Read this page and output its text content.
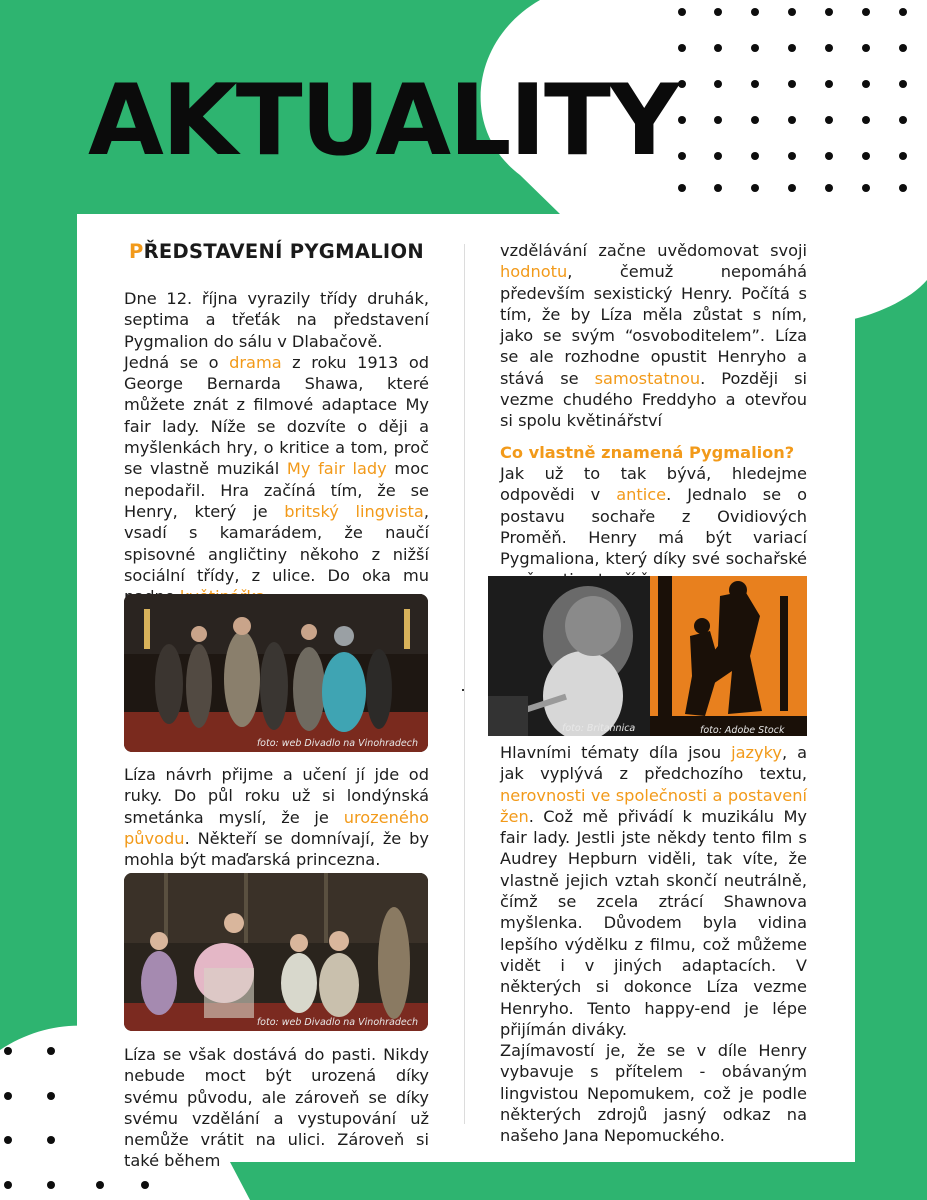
AKTUALITY
PŘEDSTAVENÍ PYGMALION

Dne 12. října vyrazily třídy druhák, septima a třeťák na představení Pygmalion do sálu v Dlabačově.

Jedná se o drama z roku 1913 od George Bernarda Shawa, které můžete znát z filmové adaptace My fair lady. Níže se dozvíte o ději a myšlenkách hry, o kritice a tom, proč se vlastně muzikál My fair lady moc nepodařil. Hra začíná tím, že se Henry, který je britský lingvista, vsadí s kamarádem, že naučí spisovné angličtiny někoho z nižší sociální třídy, z ulice. Do oka mu

foto: web Divadlo na Vinohradech

Líza návrh přijme a učení jí jde od ruky. Do půl roku už si londýnská smetánka myslí, že je urozeného původu. Někteří se domnívají, že by mohla být maďarská princezna.

foto: web Divadlo na Vinohradech

Líza se však dostává do pasti. Nikdy nebude moct být urozená díky svému původu, ale zároveň se díky svému vzdělání a vystupování už nemůže vrátit na ulici. Zároveň si také během

vzdělávání začne uvědomovat svoji hodnotu, čemuž nepomáhá především sexistický Henry. Počítá s tím, že by Líza měla zůstat s ním, jako se svým “osvoboditelem”. Líza se ale rozhodne opustit Henryho a stává se samostatnou. Později si vezme chudého Freddyho a otevřou si spolu květinářství

Co vlastně znamená Pygmalion?

Jak už to tak bývá, hledejme odpovědi v antice. Jednalo se o postavu sochaře z Ovidiových Proměň. Henry má být variací Pygmaliona, který díky své sochařské

foto: Britannica	foto: Adobe Stock

Hlavními tématy díla jsou jazyky, a jak vyplývá z předchozího textu, nerovnosti ve společnosti a postavení žen. Což mě přivádí k muzikálu My fair lady. Jestli jste někdy tento film s Audrey Hepburn viděli, tak víte, že vlastně jejich vztah skončí neutrálně, čímž se zcela ztrácí Shawnova myšlenka. Důvodem byla vidina lepšího výdělku z filmu, což můžeme vidět i v jiných adaptacích. V některých si dokonce Líza vezme Henryho. Tento happy-end je lépe přijímán diváky.

Zajímavostí je, že se v díle Henry vybavuje s přítelem - obávaným lingvistou Nepomukem, což je podle některých zdrojů jasný odkaz na našeho Jana Nepomuckého.
